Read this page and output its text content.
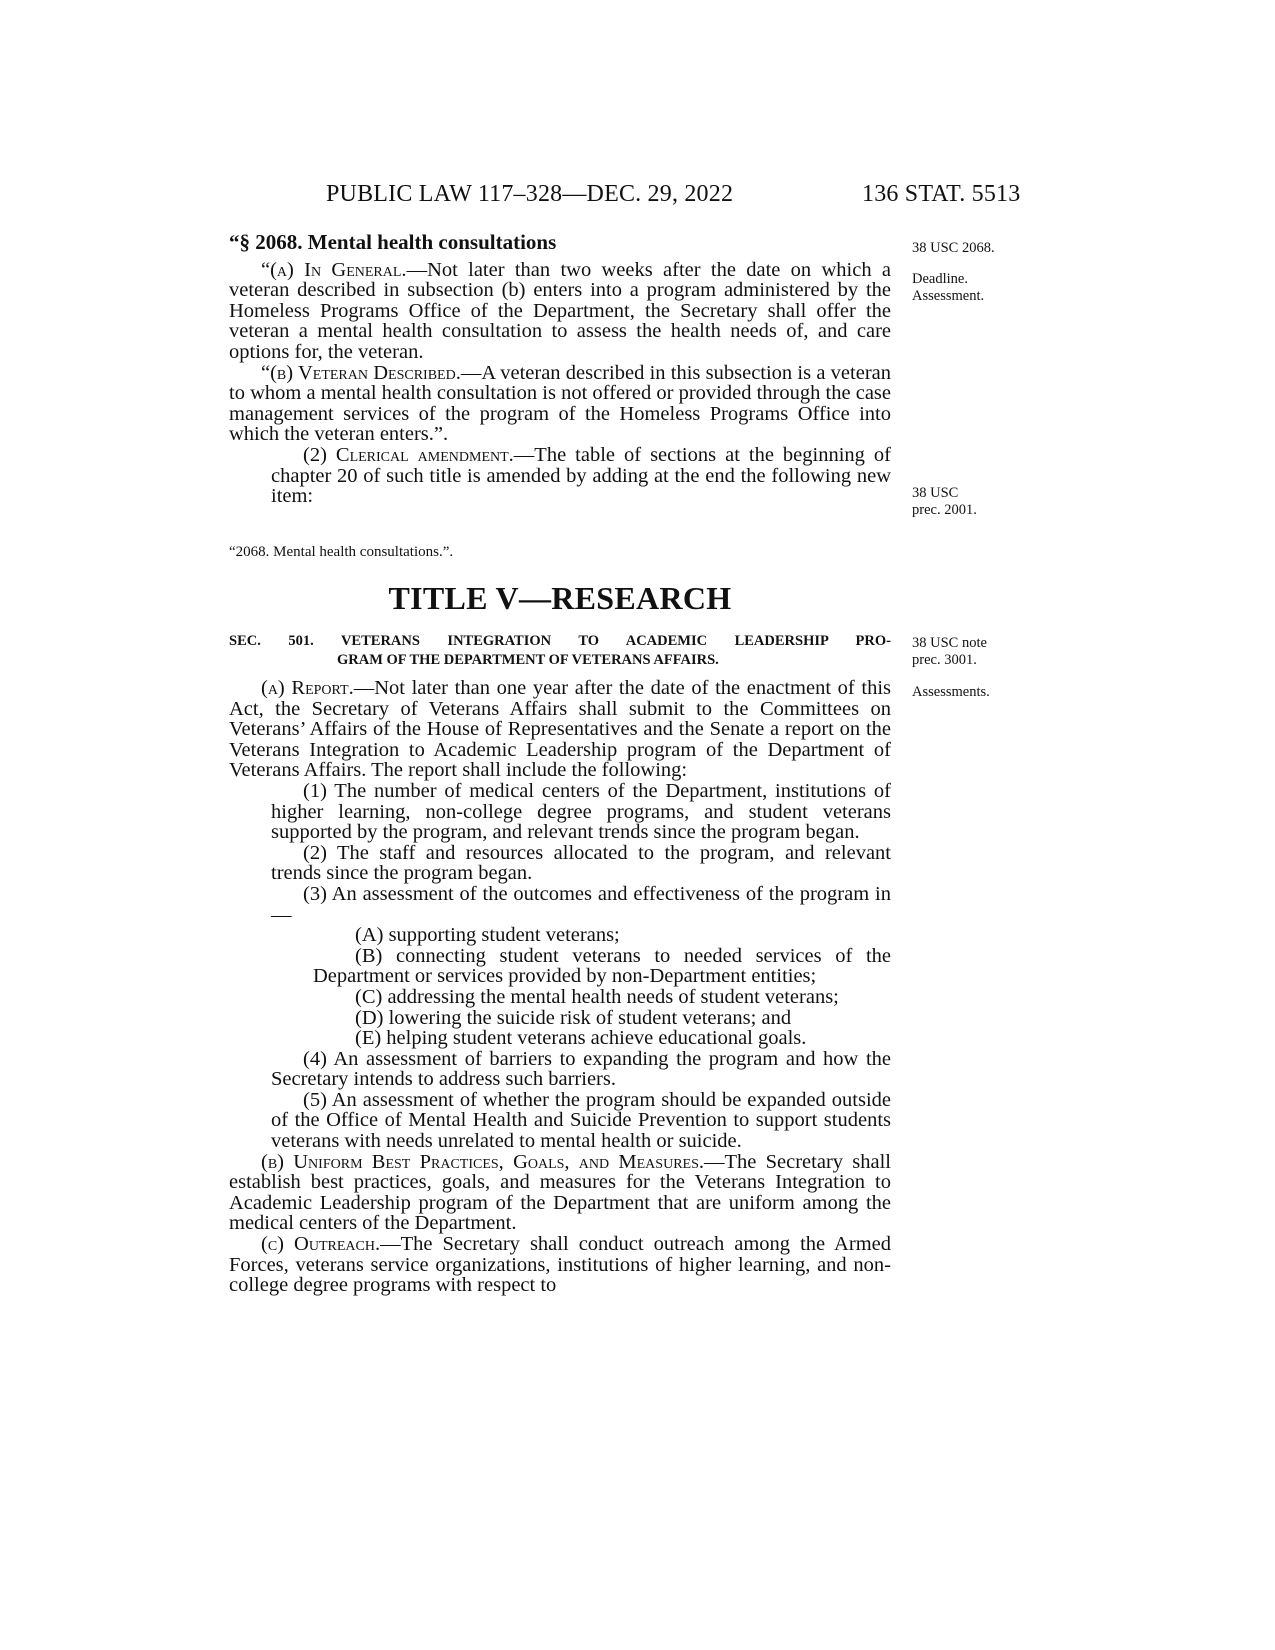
PUBLIC LAW 117–328—DEC. 29, 2022	136 STAT. 5513

“§ 2068. Mental health consultations

“(a) In General.—Not later than two weeks after the date on which a veteran described in subsection (b) enters into a program administered by the Homeless Programs Office of the Department, the Secretary shall offer the veteran a mental health consultation to assess the health needs of, and care options for, the veteran.

“(b) Veteran Described.—A veteran described in this subsection is a veteran to whom a mental health consultation is not offered or provided through the case management services of the program of the Homeless Programs Office into which the veteran enters.”.

(2) Clerical amendment.—The table of sections at the beginning of chapter 20 of such title is amended by adding at the end the following new item:

“2068. Mental health consultations.”.
TITLE V—RESEARCH
SEC. 501. VETERANS INTEGRATION TO ACADEMIC LEADERSHIP PRO-
GRAM OF THE DEPARTMENT OF VETERANS AFFAIRS.

(a) Report.—Not later than one year after the date of the enactment of this Act, the Secretary of Veterans Affairs shall submit to the Committees on Veterans’ Affairs of the House of Representatives and the Senate a report on the Veterans Integration to Academic Leadership program of the Department of Veterans Affairs. The report shall include the following:

(1) The number of medical centers of the Department, institutions of higher learning, non-college degree programs, and student veterans supported by the program, and relevant trends since the program began.

(2) The staff and resources allocated to the program, and relevant trends since the program began.

(3) An assessment of the outcomes and effectiveness of the program in—

(A) supporting student veterans;

(B) connecting student veterans to needed services of the Department or services provided by non-Department entities;

(C) addressing the mental health needs of student veterans;

(D) lowering the suicide risk of student veterans; and

(E) helping student veterans achieve educational goals.

(4) An assessment of barriers to expanding the program and how the Secretary intends to address such barriers.

(5) An assessment of whether the program should be expanded outside of the Office of Mental Health and Suicide Prevention to support students veterans with needs unrelated to mental health or suicide.

(b) Uniform Best Practices, Goals, and Measures.—The Secretary shall establish best practices, goals, and measures for the Veterans Integration to Academic Leadership program of the Department that are uniform among the medical centers of the Department.

(c) Outreach.—The Secretary shall conduct outreach among the Armed Forces, veterans service organizations, institutions of higher learning, and non-college degree programs with respect to

38 USC 2068.
Deadline.
Assessment.
38 USC
prec. 2001.
38 USC note
prec. 3001.
Assessments.
